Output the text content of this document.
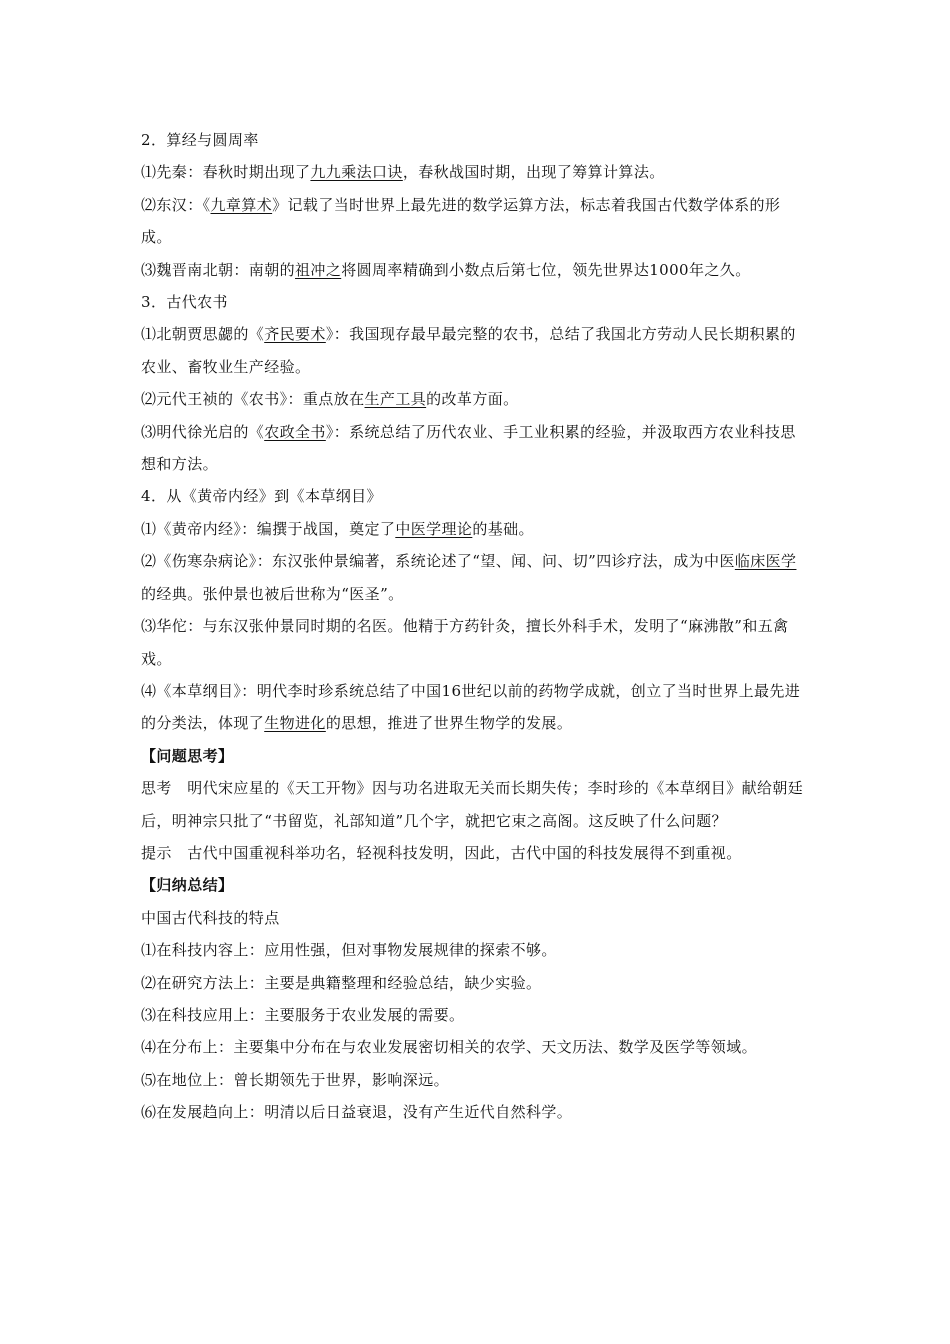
2．算经与圆周率
⑴先秦：春秋时期出现了九九乘法口诀，春秋战国时期，出现了筹算计算法。
⑵东汉：《九章算术》记载了当时世界上最先进的数学运算方法，标志着我国古代数学体系的形成。
⑶魏晋南北朝：南朝的祖冲之将圆周率精确到小数点后第七位，领先世界达1000年之久。
3．古代农书
⑴北朝贾思勰的《齐民要术》：我国现存最早最完整的农书，总结了我国北方劳动人民长期积累的农业、畜牧业生产经验。
⑵元代王祯的《农书》：重点放在生产工具的改革方面。
⑶明代徐光启的《农政全书》：系统总结了历代农业、手工业积累的经验，并汲取西方农业科技思想和方法。
4．从《黄帝内经》到《本草纲目》
⑴《黄帝内经》：编撰于战国，奠定了中医学理论的基础。
⑵《伤寒杂病论》：东汉张仲景编著，系统论述了“望、闻、问、切”四诊疗法，成为中医临床医学的经典。张仲景也被后世称为“医圣”。
⑶华佗：与东汉张仲景同时期的名医。他精于方药针灸，擅长外科手术，发明了“麻沸散”和五禽戏。
⑷《本草纲目》：明代李时珍系统总结了中国16世纪以前的药物学成就，创立了当时世界上最先进的分类法，体现了生物进化的思想，推进了世界生物学的发展。
【问题思考】
思考　明代宋应星的《天工开物》因与功名进取无关而长期失传；李时珍的《本草纲目》献给朝廷后，明神宗只批了“书留览，礼部知道”几个字，就把它束之高阁。这反映了什么问题？
提示　古代中国重视科举功名，轻视科技发明，因此，古代中国的科技发展得不到重视。
【归纳总结】
中国古代科技的特点
⑴在科技内容上：应用性强，但对事物发展规律的探索不够。
⑵在研究方法上：主要是典籍整理和经验总结，缺少实验。
⑶在科技应用上：主要服务于农业发展的需要。
⑷在分布上：主要集中分布在与农业发展密切相关的农学、天文历法、数学及医学等领域。
⑸在地位上：曾长期领先于世界，影响深远。
⑹在发展趋向上：明清以后日益衰退，没有产生近代自然科学。
